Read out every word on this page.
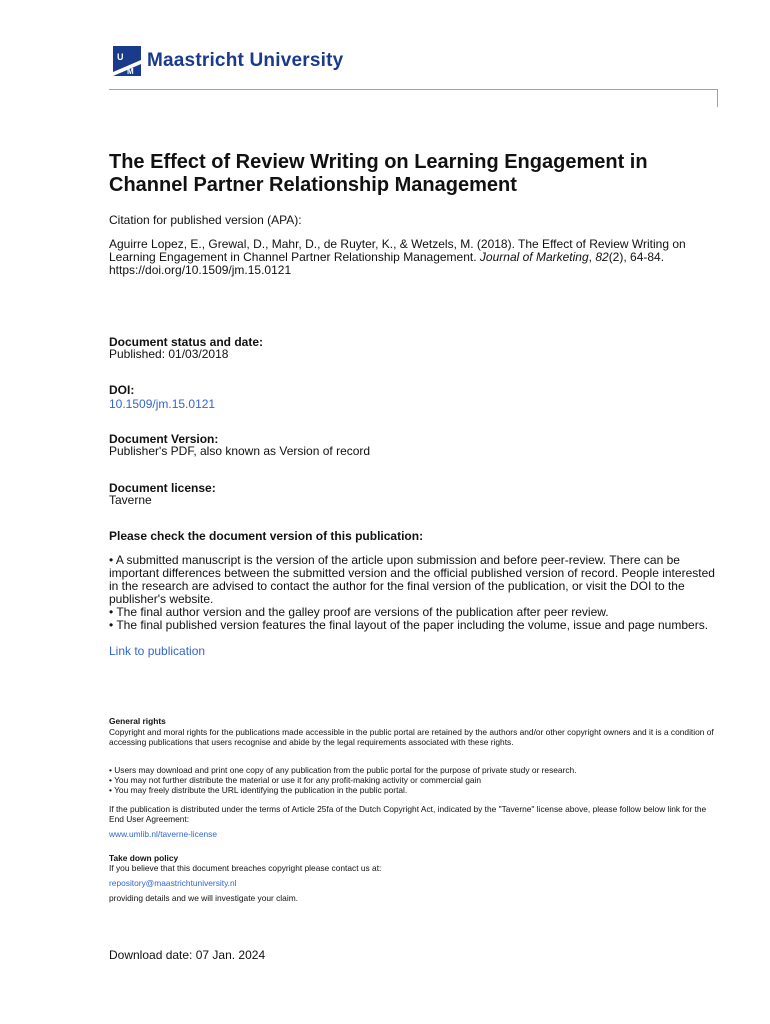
U
M
Maastricht University
The Effect of Review Writing on Learning Engagement in Channel Partner Relationship Management
Citation for published version (APA):
Aguirre Lopez, E., Grewal, D., Mahr, D., de Ruyter, K., & Wetzels, M. (2018). The Effect of Review Writing on Learning Engagement in Channel Partner Relationship Management. Journal of Marketing, 82(2), 64-84. https://doi.org/10.1509/jm.15.0121
Document status and date:
Published: 01/03/2018
DOI:
10.1509/jm.15.0121
Document Version:
Publisher's PDF, also known as Version of record
Document license:
Taverne
Please check the document version of this publication:
• A submitted manuscript is the version of the article upon submission and before peer-review. There can be important differences between the submitted version and the official published version of record. People interested in the research are advised to contact the author for the final version of the publication, or visit the DOI to the publisher's website.
• The final author version and the galley proof are versions of the publication after peer review.
• The final published version features the final layout of the paper including the volume, issue and page numbers.
Link to publication
General rights
Copyright and moral rights for the publications made accessible in the public portal are retained by the authors and/or other copyright owners and it is a condition of accessing publications that users recognise and abide by the legal requirements associated with these rights.
• Users may download and print one copy of any publication from the public portal for the purpose of private study or research.
• You may not further distribute the material or use it for any profit-making activity or commercial gain
• You may freely distribute the URL identifying the publication in the public portal.
If the publication is distributed under the terms of Article 25fa of the Dutch Copyright Act, indicated by the "Taverne" license above, please follow below link for the End User Agreement:
www.umlib.nl/taverne-license
Take down policy
If you believe that this document breaches copyright please contact us at:
repository@maastrichtuniversity.nl
providing details and we will investigate your claim.
Download date: 07 Jan. 2024
